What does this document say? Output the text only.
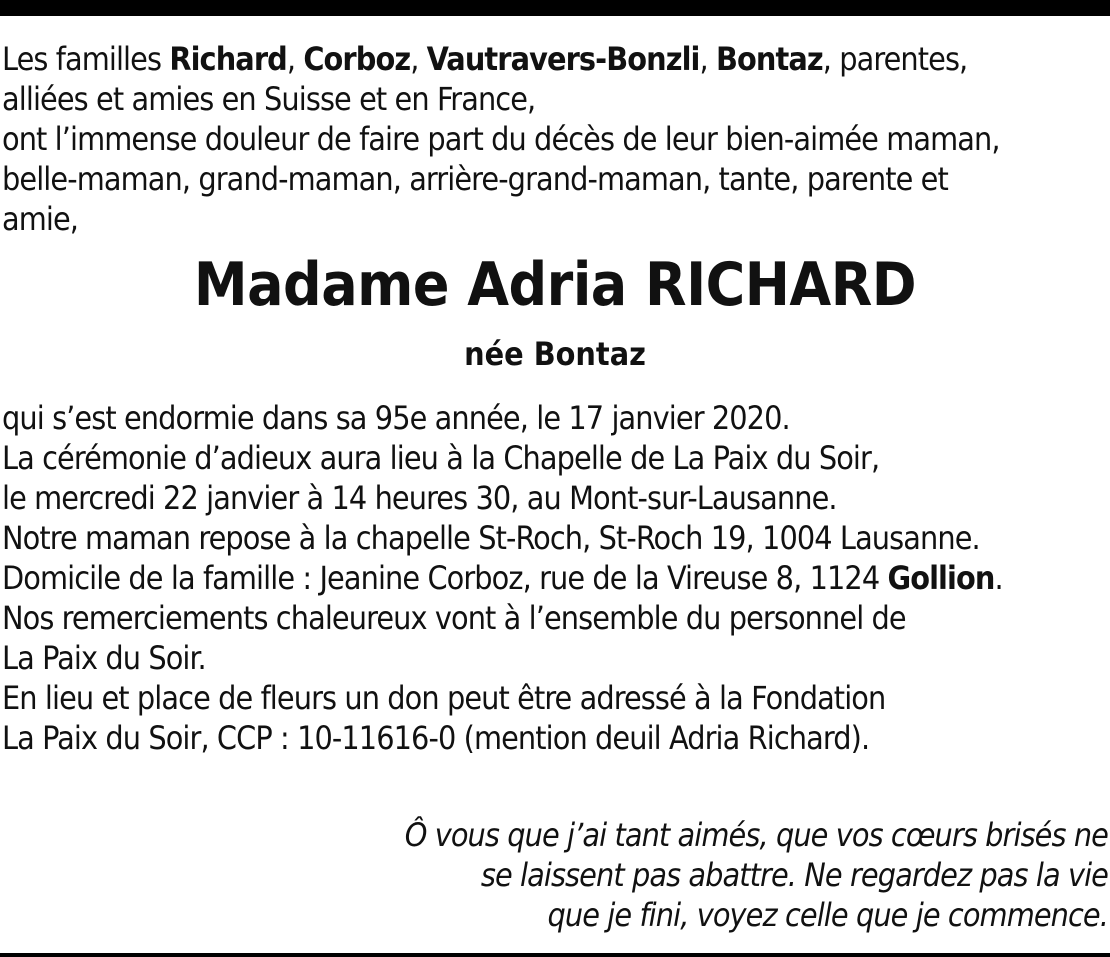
Les familles Richard, Corboz, Vautravers-Bonzli, Bontaz, parentes,
alliées et amies en Suisse et en France,
ont l’immense douleur de faire part du décès de leur bien-aimée maman,
belle-maman, grand-maman, arrière-grand-maman, tante, parente et
amie,
Madame Adria RICHARD
née Bontaz
qui s’est endormie dans sa 95e année, le 17 janvier 2020.
La cérémonie d’adieux aura lieu à la Chapelle de La Paix du Soir,
le mercredi 22 janvier à 14 heures 30, au Mont-sur-Lausanne.
Notre maman repose à la chapelle St-Roch, St-Roch 19, 1004 Lausanne.
Domicile de la famille : Jeanine Corboz, rue de la Vireuse 8, 1124 Gollion.
Nos remerciements chaleureux vont à l’ensemble du personnel de
La Paix du Soir.
En lieu et place de fleurs un don peut être adressé à la Fondation
La Paix du Soir, CCP : 10-11616-0 (mention deuil Adria Richard).
Ô vous que j’ai tant aimés, que vos cœurs brisés ne
se laissent pas abattre. Ne regardez pas la vie
que je fini, voyez celle que je commence.
